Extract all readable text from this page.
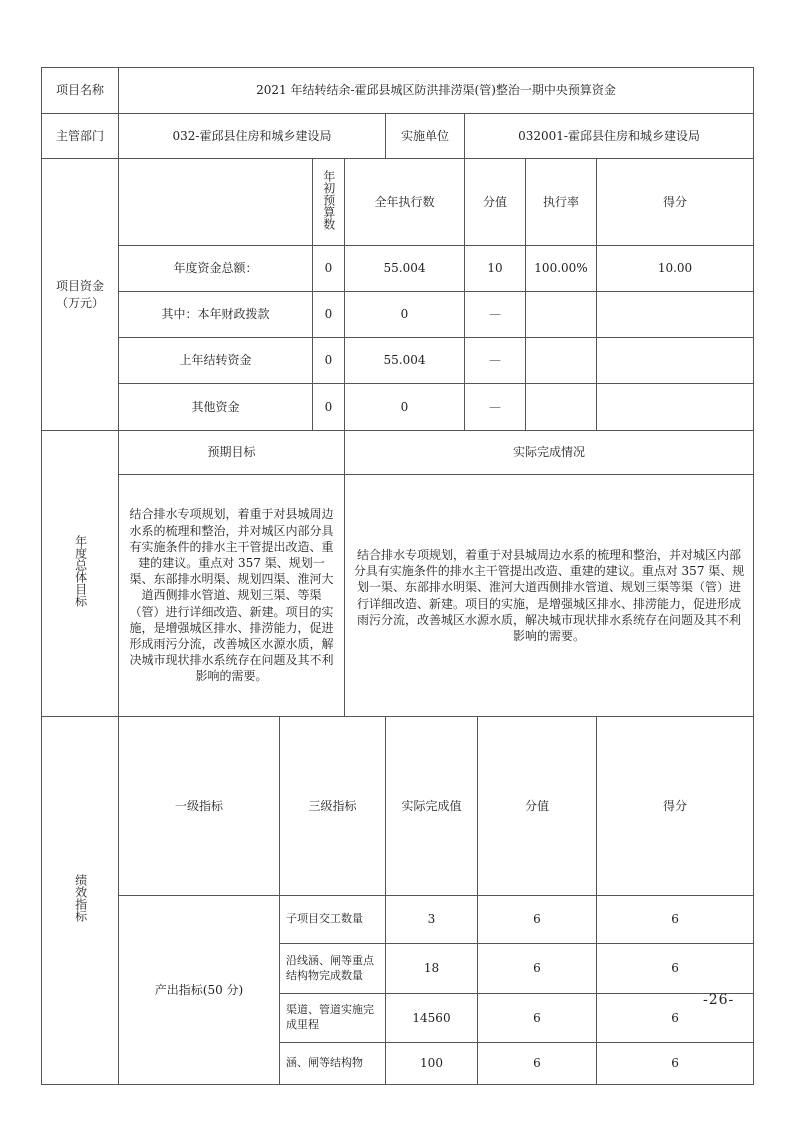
项目名称	2021 年结转结余-霍邱县城区防洪排涝渠(管)整治一期中央预算资金									
主管部门	032-霍邱县住房和城乡建设局				实施单位	032001-霍邱县住房和城乡建设局				

项目资金
（万元）			年初预算数	全年执行数		分值		执行率	得分	
	年度资金总额：		0	55.004		10		100.00%	10.00	
	其中：本年财政拨款		0	0		—				
	上年结转资金		0	55.004		—				
	其他资金		0	0		—				
年度总体目标	预期目标			实际完成情况						
	结合排水专项规划，着重于对县城周边水系的梳理和整治，并对城区内部分具有实施条件的排水主干管提出改造、重建的建议。重点对 357 渠、规划一渠、东部排水明渠、规划四渠、淮河大道西侧排水管道、规划三渠、等渠（管）进行详细改造、新建。项目的实施，是增强城区排水、排涝能力，促进形成雨污分流，改善城区水源水质，解决城市现状排水系统存在问题及其不利影响的需要。			结合排水专项规划，着重于对县城周边水系的梳理和整治，并对城区内部分具有实施条件的排水主干管提出改造、重建的建议。重点对 357 渠、规划一渠、东部排水明渠、淮河大道西侧排水管道、规划三渠等渠（管）进行详细改造、新建。项目的实施，是增强城区排水、排涝能力，促进形成雨污分流，改善城区水源水质，解决城市现状排水系统存在问题及其不利影响的需要。						
绩效指标	一级指标	三级指标			实际完成值		分值		得分	
	产出指标(50 分)	子项目交工数量			3		6		6	
		沿线涵、闸等重点结构物完成数量			18		6		6	
		渠道、管道实施完成里程			14560		6		6	
		涵、闸等结构物			100		6		6	
-26-
